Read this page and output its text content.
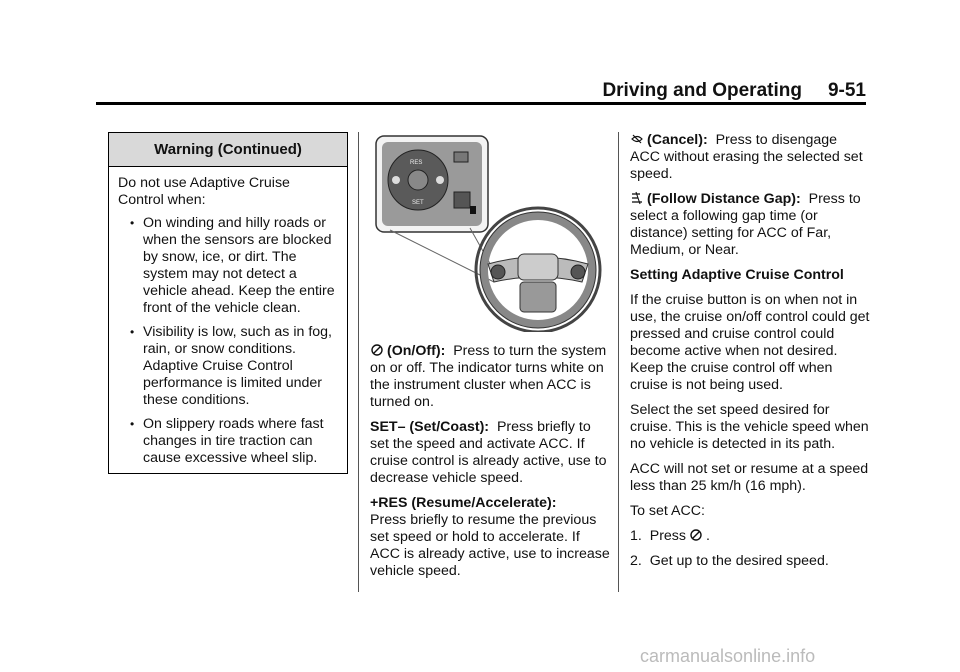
Driving and Operating 9-51
Warning (Continued)
Do not use Adaptive Cruise Control when:
• On winding and hilly roads or when the sensors are blocked by snow, ice, or dirt. The system may not detect a vehicle ahead. Keep the entire front of the vehicle clean.
• Visibility is low, such as in fog, rain, or snow conditions. Adaptive Cruise Control performance is limited under these conditions.
• On slippery roads where fast changes in tire traction can cause excessive wheel slip.
RES
SET

(On/Off): Press to turn the system on or off. The indicator turns white on the instrument cluster when ACC is turned on.

SET– (Set/Coast): Press briefly to set the speed and activate ACC. If cruise control is already active, use to decrease vehicle speed.

+RES (Resume/Accelerate):
Press briefly to resume the previous set speed or hold to accelerate. If ACC is already active, use to increase vehicle speed.

(Cancel): Press to disengage ACC without erasing the selected set speed.

(Follow Distance Gap): Press to select a following gap time (or distance) setting for ACC of Far, Medium, or Near.

Setting Adaptive Cruise Control

If the cruise button is on when not in use, the cruise on/off control could get pressed and cruise control could become active when not desired. Keep the cruise control off when cruise is not being used.

Select the set speed desired for cruise. This is the vehicle speed when no vehicle is detected in its path.

ACC will not set or resume at a speed less than 25 km/h (16 mph).

To set ACC:

1. Press .

2. Get up to the desired speed.

carmanualsonline.info
